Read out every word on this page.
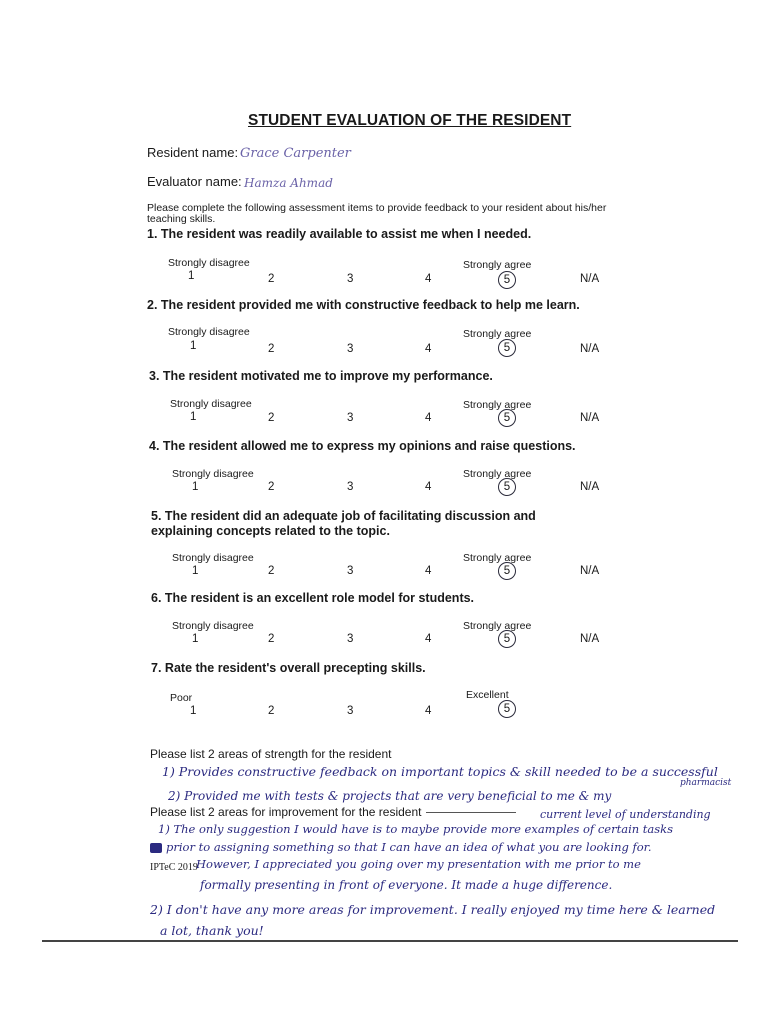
STUDENT EVALUATION OF THE RESIDENT
Resident name: Grace Carpenter
Evaluator name: Hamza Ahmad
Please complete the following assessment items to provide feedback to your resident about his/her teaching skills.
1. The resident was readily available to assist me when I needed.
Strongly disagree	Strongly agree
1	2	3	4	5	N/A
2. The resident provided me with constructive feedback to help me learn.
Strongly disagree	Strongly agree
1	2	3	4	5	N/A
3. The resident motivated me to improve my performance.
Strongly disagree	Strongly agree
1	2	3	4	5	N/A
4. The resident allowed me to express my opinions and raise questions.
Strongly disagree	Strongly agree
1	2	3	4	5	N/A
5. The resident did an adequate job of facilitating discussion and explaining concepts related to the topic.
Strongly disagree	Strongly agree
1	2	3	4	5	N/A
6. The resident is an excellent role model for students.
Strongly disagree	Strongly agree
1	2	3	4	5	N/A
7. Rate the resident's overall precepting skills.
Poor	Excellent
1	2	3	4	5
Please list 2 areas of strength for the resident
1) Provides constructive feedback on important topics & skill needed to be a successful
pharmacist
2) Provided me with tests & projects that are very beneficial to me & my
current level of understanding
Please list 2 areas for improvement for the resident
1) The only suggestion I would have is to maybe provide more examples of certain tasks
prior to assigning something so that I can have an idea of what you are looking for.
IPTeC 2019
However, I appreciated you going over my presentation with me prior to me
formally presenting in front of everyone. It made a huge difference.
2) I don't have any more areas for improvement. I really enjoyed my time here & learned
a lot, thank you!
